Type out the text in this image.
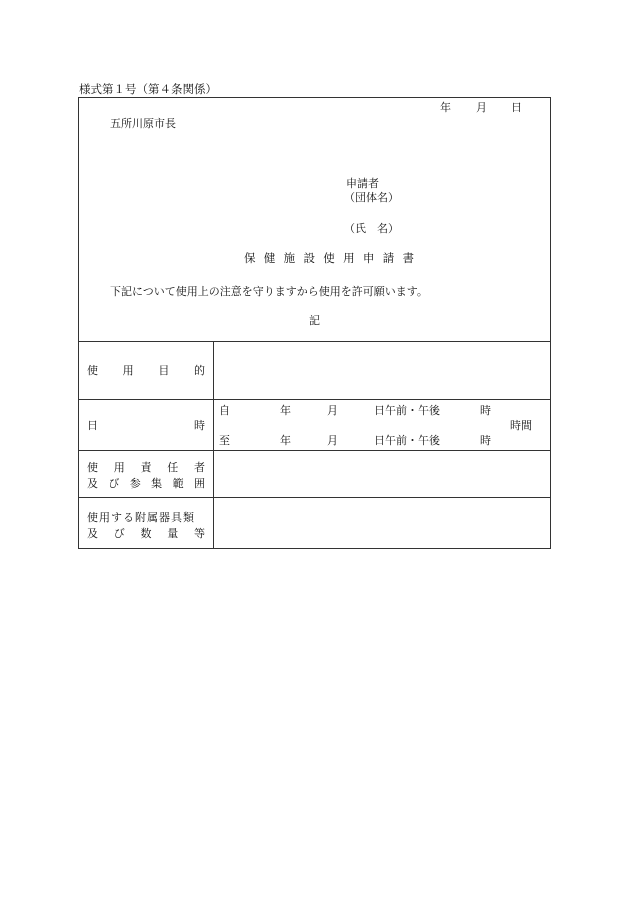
様式第１号（第４条関係）
年 月 日
五所川原市長
申請者
（団体名）
（氏　名）
保 健 施 設 使 用 申 請 書
下記について使用上の注意を守りますから使用を許可願います。
記
使 用 目 的
日	時
自	年	月	日午前・午後	時
時間
至	年	月	日午前・午後	時
使 用 責 任 者
及 び 参 集 範 囲
使用する附属器具類
及 び 数 量 等
